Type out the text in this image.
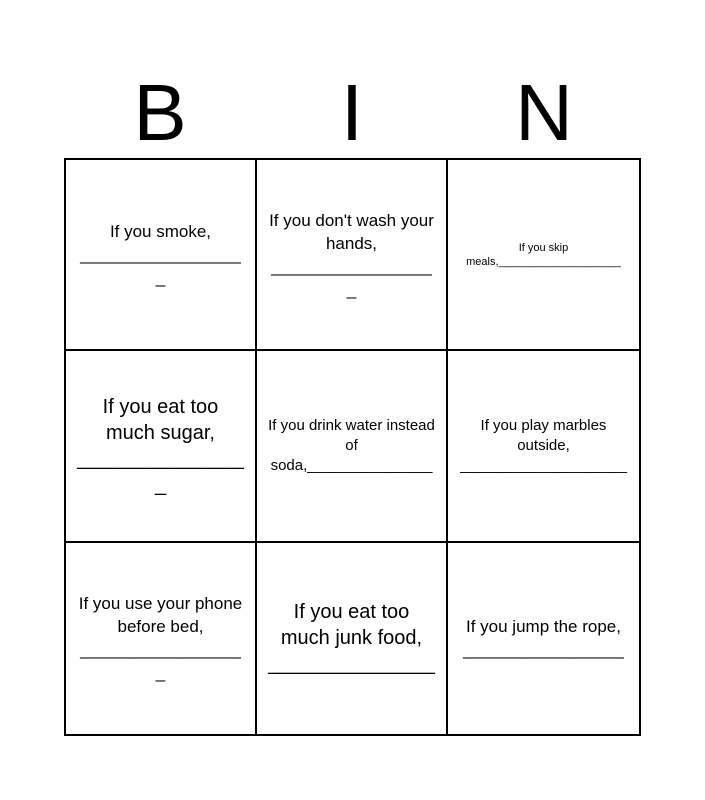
B	I	N
If you smoke,
__________________
If you don't wash your hands,
__________________
If you skip
meals,____________________
If you eat too much sugar,
________________
If you drink water instead of
soda,_______________
If you play marbles outside,
____________________
If you use your phone before bed,
__________________
If you eat too much junk food,
_______________
If you jump the rope,
_________________
